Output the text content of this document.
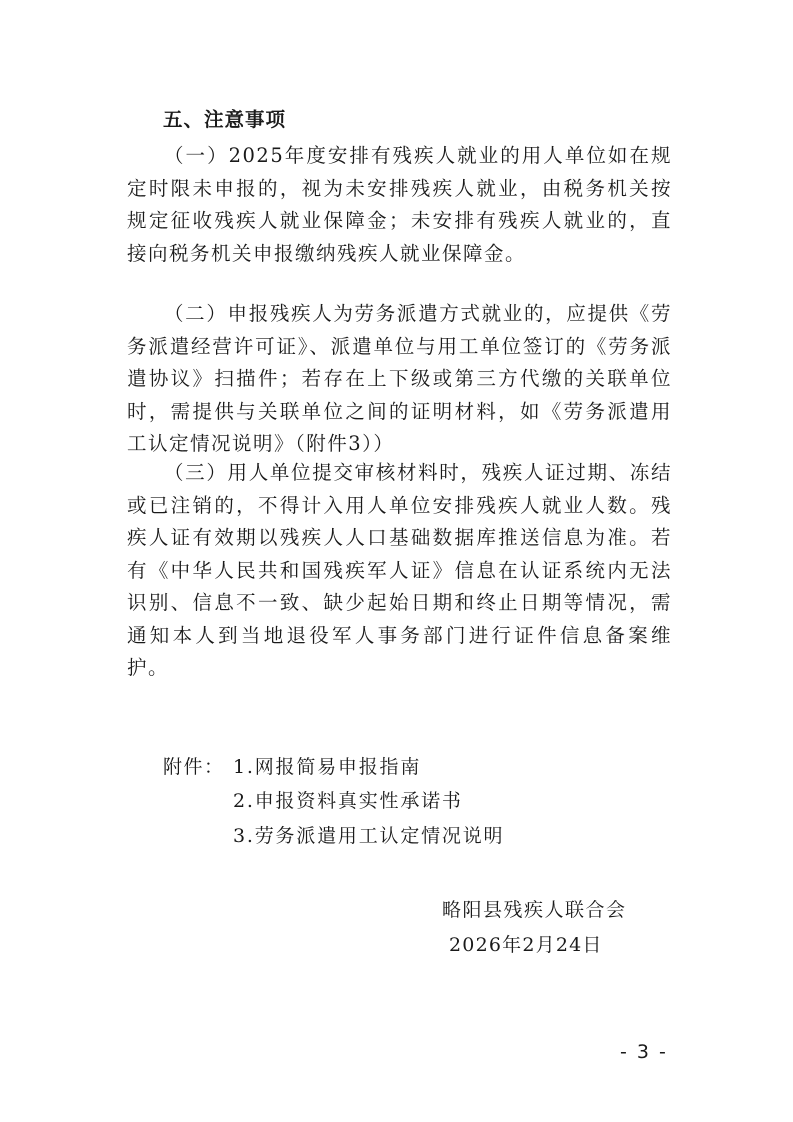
五、注意事项

（一）2025年度安排有残疾人就业的用人单位如在规定时限未申报的，视为未安排残疾人就业，由税务机关按规定征收残疾人就业保障金；未安排有残疾人就业的，直接向税务机关申报缴纳残疾人就业保障金。

（二）申报残疾人为劳务派遣方式就业的，应提供《劳务派遣经营许可证》、派遣单位与用工单位签订的《劳务派遣协议》扫描件；若存在上下级或第三方代缴的关联单位时，需提供与关联单位之间的证明材料，如《劳务派遣用工认定情况说明》（附件3））

（三）用人单位提交审核材料时，残疾人证过期、冻结或已注销的，不得计入用人单位安排残疾人就业人数。残疾人证有效期以残疾人人口基础数据库推送信息为准。若有《中华人民共和国残疾军人证》信息在认证系统内无法识别、信息不一致、缺少起始日期和终止日期等情况，需通知本人到当地退役军人事务部门进行证件信息备案维护。

附件： 1.网报简易申报指南
2.申报资料真实性承诺书
3.劳务派遣用工认定情况说明
略阳县残疾人联合会
2026年2月24日
- 3 -
